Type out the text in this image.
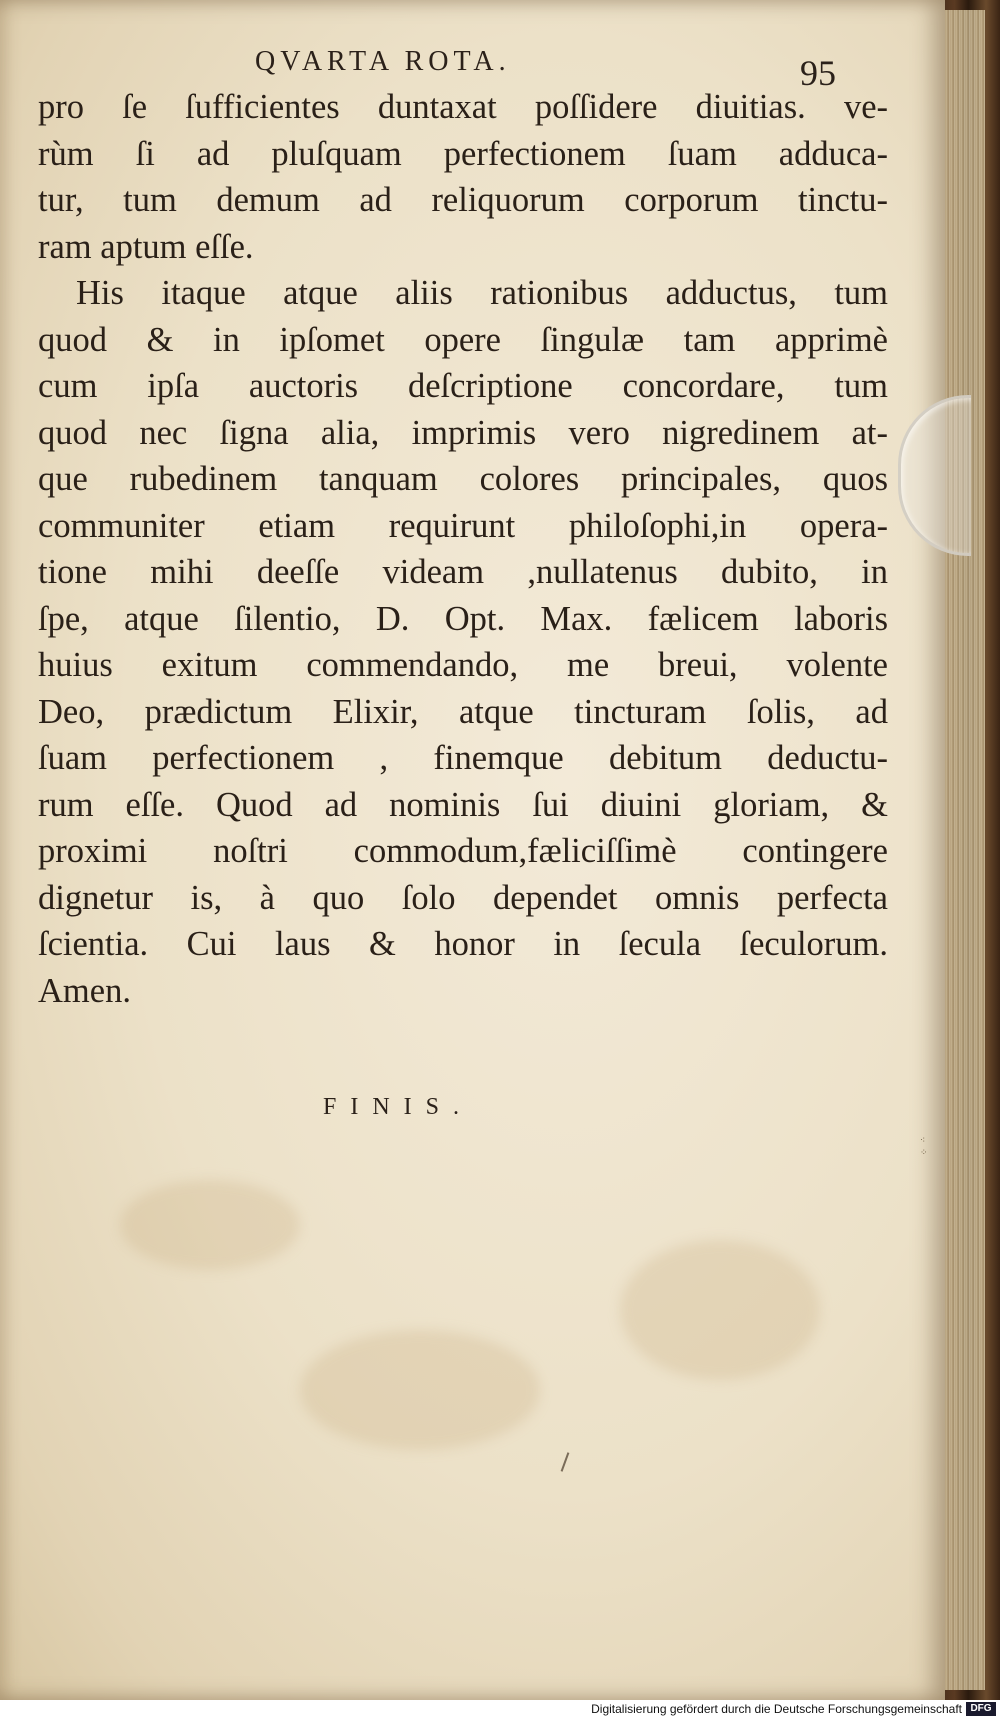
QVARTA ROTA.	95

pro ſe ſufficientes duntaxat poſſidere diuitias. ve-
rùm ſi ad pluſquam perfectionem ſuam adduca-
tur, tum demum ad reliquorum corporum tinctu-
ram aptum eſſe.
His itaque atque aliis rationibus adductus, tum
quod & in ipſomet opere ſingulæ tam apprimè
cum ipſa auctoris deſcriptione concordare, tum
quod nec ſigna alia, imprimis vero nigredinem at-
que rubedinem tanquam colores principales, quos
communiter etiam requirunt philoſophi,in opera-
tione mihi deeſſe videam ,nullatenus dubito, in
ſpe, atque ſilentio, D. Opt. Max. fælicem laboris
huius exitum commendando, me breui, volente
Deo, prædictum Elixir, atque tincturam ſolis, ad
ſuam perfectionem , finemque debitum deductu-
rum eſſe. Quod ad nominis ſui diuini gloriam, &
proximi noſtri commodum,fæliciſſimè contingere
dignetur is, à quo ſolo dependet omnis perfecta
ſcientia. Cui laus & honor in ſecula ſeculorum.
Amen.

FINIS.

⁖
⁘
Digitalisierung gefördert durch die Deutsche Forschungsgemeinschaft DFG
